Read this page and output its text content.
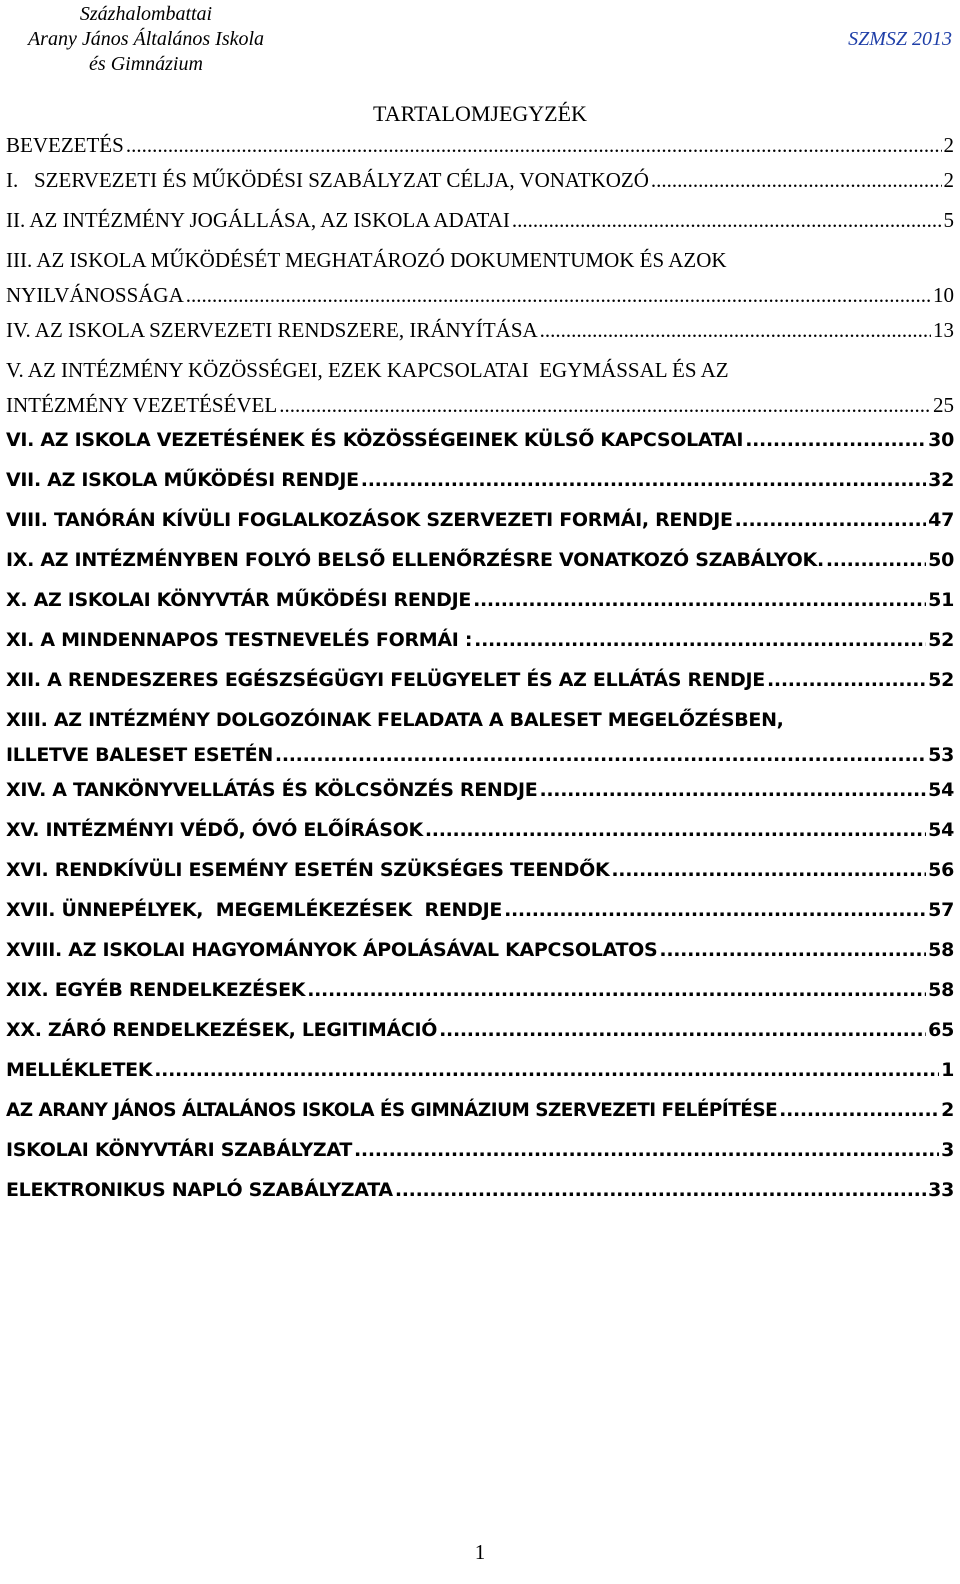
Százhalombattai
Arany János Általános Iskola
és Gimnázium
SZMSZ 2013
TARTALOMJEGYZÉK
BEVEZETÉS .....	2
I.   SZERVEZETI ÉS MŰKÖDÉSI SZABÁLYZAT CÉLJA, VONATKOZÓ .....	2
II. AZ INTÉZMÉNY JOGÁLLÁSA, AZ ISKOLA ADATAI .....	5
III. AZ ISKOLA MŰKÖDÉSÉT MEGHATÁROZÓ DOKUMENTUMOK ÉS AZOK
NYILVÁNOSSÁGA .....	10
IV. AZ ISKOLA SZERVEZETI RENDSZERE, IRÁNYÍTÁSA .....	13
V. AZ INTÉZMÉNY KÖZÖSSÉGEI, EZEK KAPCSOLATAI  EGYMÁSSAL ÉS AZ
INTÉZMÉNY VEZETÉSÉVEL .....	25
VI. AZ ISKOLA VEZETÉSÉNEK ÉS KÖZÖSSÉGEINEK KÜLSŐ KAPCSOLATAI .....	30
VII. AZ ISKOLA MŰKÖDÉSI RENDJE .....	32
VIII. TANÓRÁN KÍVÜLI FOGLALKOZÁSOK SZERVEZETI FORMÁI, RENDJE .....	47
IX. AZ INTÉZMÉNYBEN FOLYÓ BELSŐ ELLENŐRZÉSRE VONATKOZÓ SZABÁLYOK. .....	50
X. AZ ISKOLAI KÖNYVTÁR MŰKÖDÉSI RENDJE .....	51
XI. A MINDENNAPOS TESTNEVELÉS FORMÁI : .....	52
XII. A RENDESZERES EGÉSZSÉGÜGYI FELÜGYELET ÉS AZ ELLÁTÁS RENDJE .....	52
XIII. AZ INTÉZMÉNY DOLGOZÓINAK FELADATA A BALESET MEGELŐZÉSBEN,
ILLETVE BALESET ESETÉN .....	53
XIV. A TANKÖNYVELLÁTÁS ÉS KÖLCSÖNZÉS RENDJE .....	54
XV. INTÉZMÉNYI VÉDŐ, ÓVÓ ELŐÍRÁSOK .....	54
XVI. RENDKÍVÜLI ESEMÉNY ESETÉN SZÜKSÉGES TEENDŐK .....	56
XVII. ÜNNEPÉLYEK,  MEGEMLÉKEZÉSEK  RENDJE .....	57
XVIII. AZ ISKOLAI HAGYOMÁNYOK ÁPOLÁSÁVAL KAPCSOLATOS .....	58
XIX. EGYÉB RENDELKEZÉSEK .....	58
XX. ZÁRÓ RENDELKEZÉSEK, LEGITIMÁCIÓ .....	65
MELLÉKLETEK .....	1
AZ ARANY JÁNOS ÁLTALÁNOS ISKOLA ÉS GIMNÁZIUM SZERVEZETI FELÉPÍTÉSE .....	2
ISKOLAI KÖNYVTÁRI SZABÁLYZAT .....	3
ELEKTRONIKUS NAPLÓ SZABÁLYZATA .....	33
1
